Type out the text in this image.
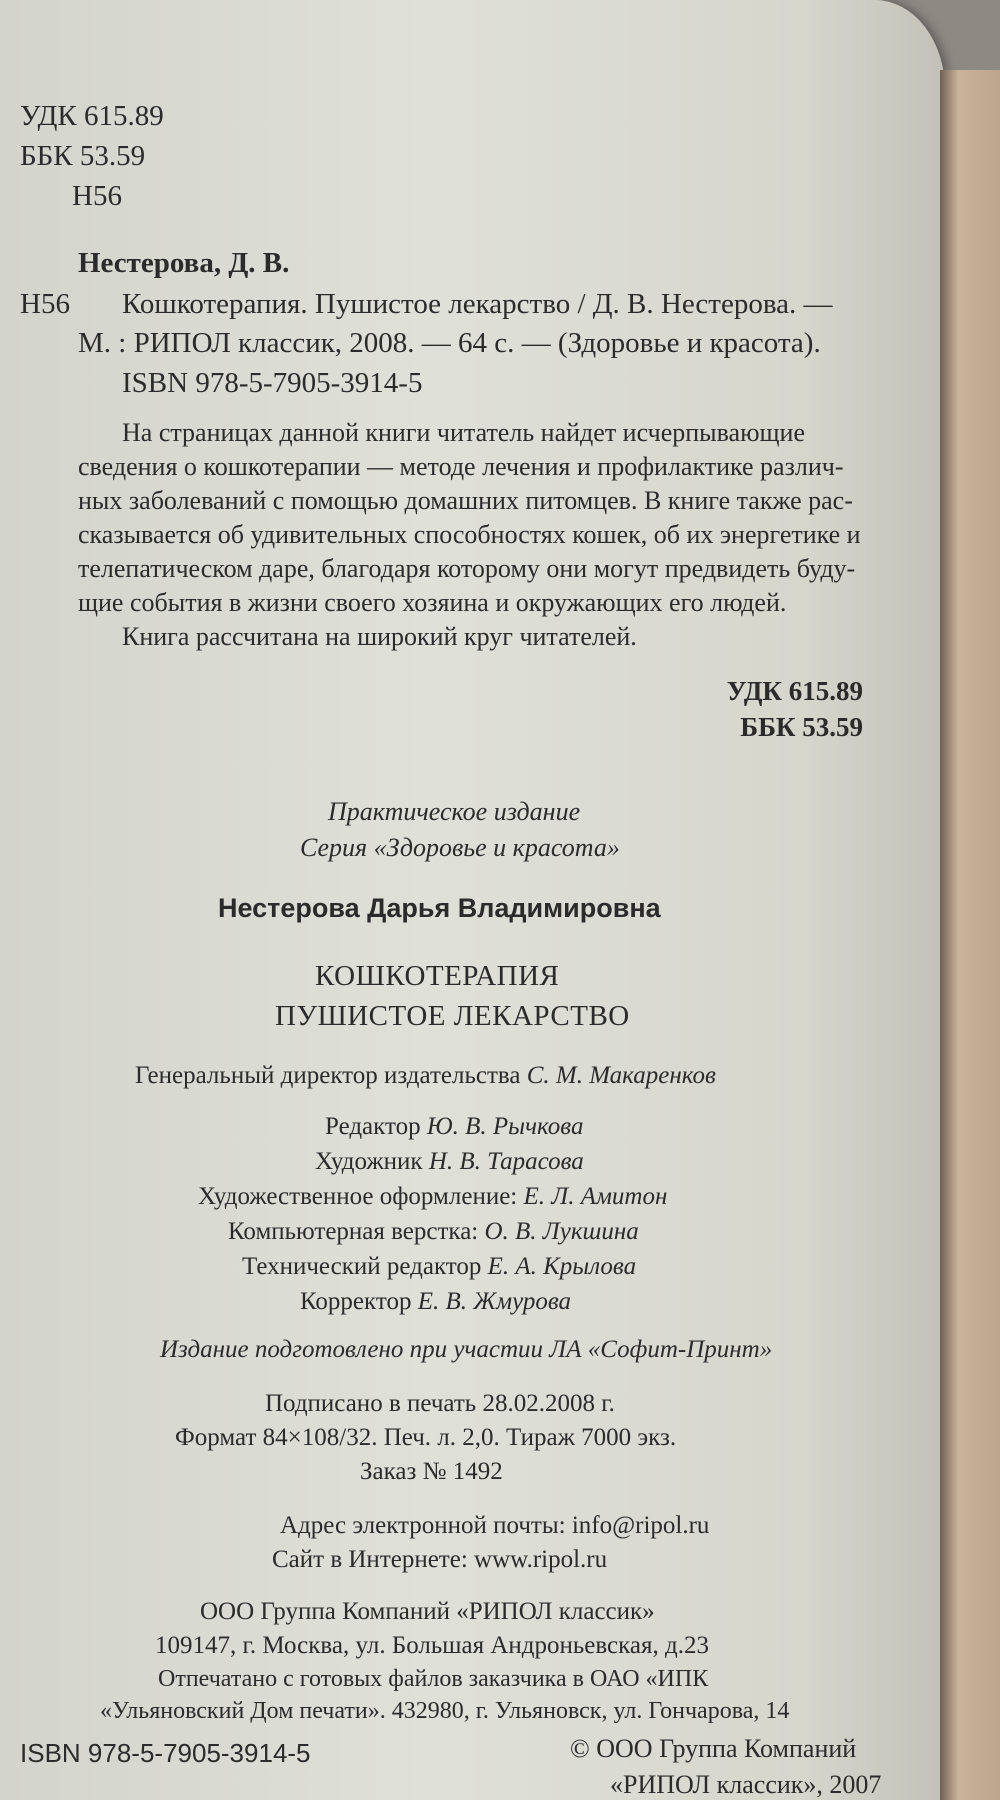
УДК 615.89
ББК 53.59
Н56
Нестерова, Д. В.
Н56 Кошкотерапия. Пушистое лекарство / Д. В. Нестерова. —
М. : РИПОЛ классик, 2008. — 64 с. — (Здоровье и красота).
ISBN 978-5-7905-3914-5
На страницах данной книги читатель найдет исчерпывающие
сведения о кошкотерапии — методе лечения и профилактике различ-
ных заболеваний с помощью домашних питомцев. В книге также рас-
сказывается об удивительных способностях кошек, об их энергетике и
телепатическом даре, благодаря которому они могут предвидеть буду-
щие события в жизни своего хозяина и окружающих его людей.
Книга рассчитана на широкий круг читателей.
УДК 615.89
ББК 53.59
Практическое издание
Серия «Здоровье и красота»
Нестерова Дарья Владимировна
КОШКОТЕРАПИЯ
ПУШИСТОЕ ЛЕКАРСТВО
Генеральный директор издательства С. М. Макаренков
Редактор Ю. В. Рычкова
Художник Н. В. Тарасова
Художественное оформление: Е. Л. Амитон
Компьютерная верстка: О. В. Лукшина
Технический редактор Е. А. Крылова
Корректор Е. В. Жмурова
Издание подготовлено при участии ЛА «Софит-Принт»
Подписано в печать 28.02.2008 г.
Формат 84×108/32. Печ. л. 2,0. Тираж 7000 экз.
Заказ № 1492
Адрес электронной почты: info@ripol.ru
Сайт в Интернете: www.ripol.ru
ООО Группа Компаний «РИПОЛ классик»
109147, г. Москва, ул. Большая Андроньевская, д.23
Отпечатано с готовых файлов заказчика в ОАО «ИПК
«Ульяновский Дом печати». 432980, г. Ульяновск, ул. Гончарова, 14
ISBN 978-5-7905-3914-5	© ООО Группа Компаний
«РИПОЛ классик», 2007
